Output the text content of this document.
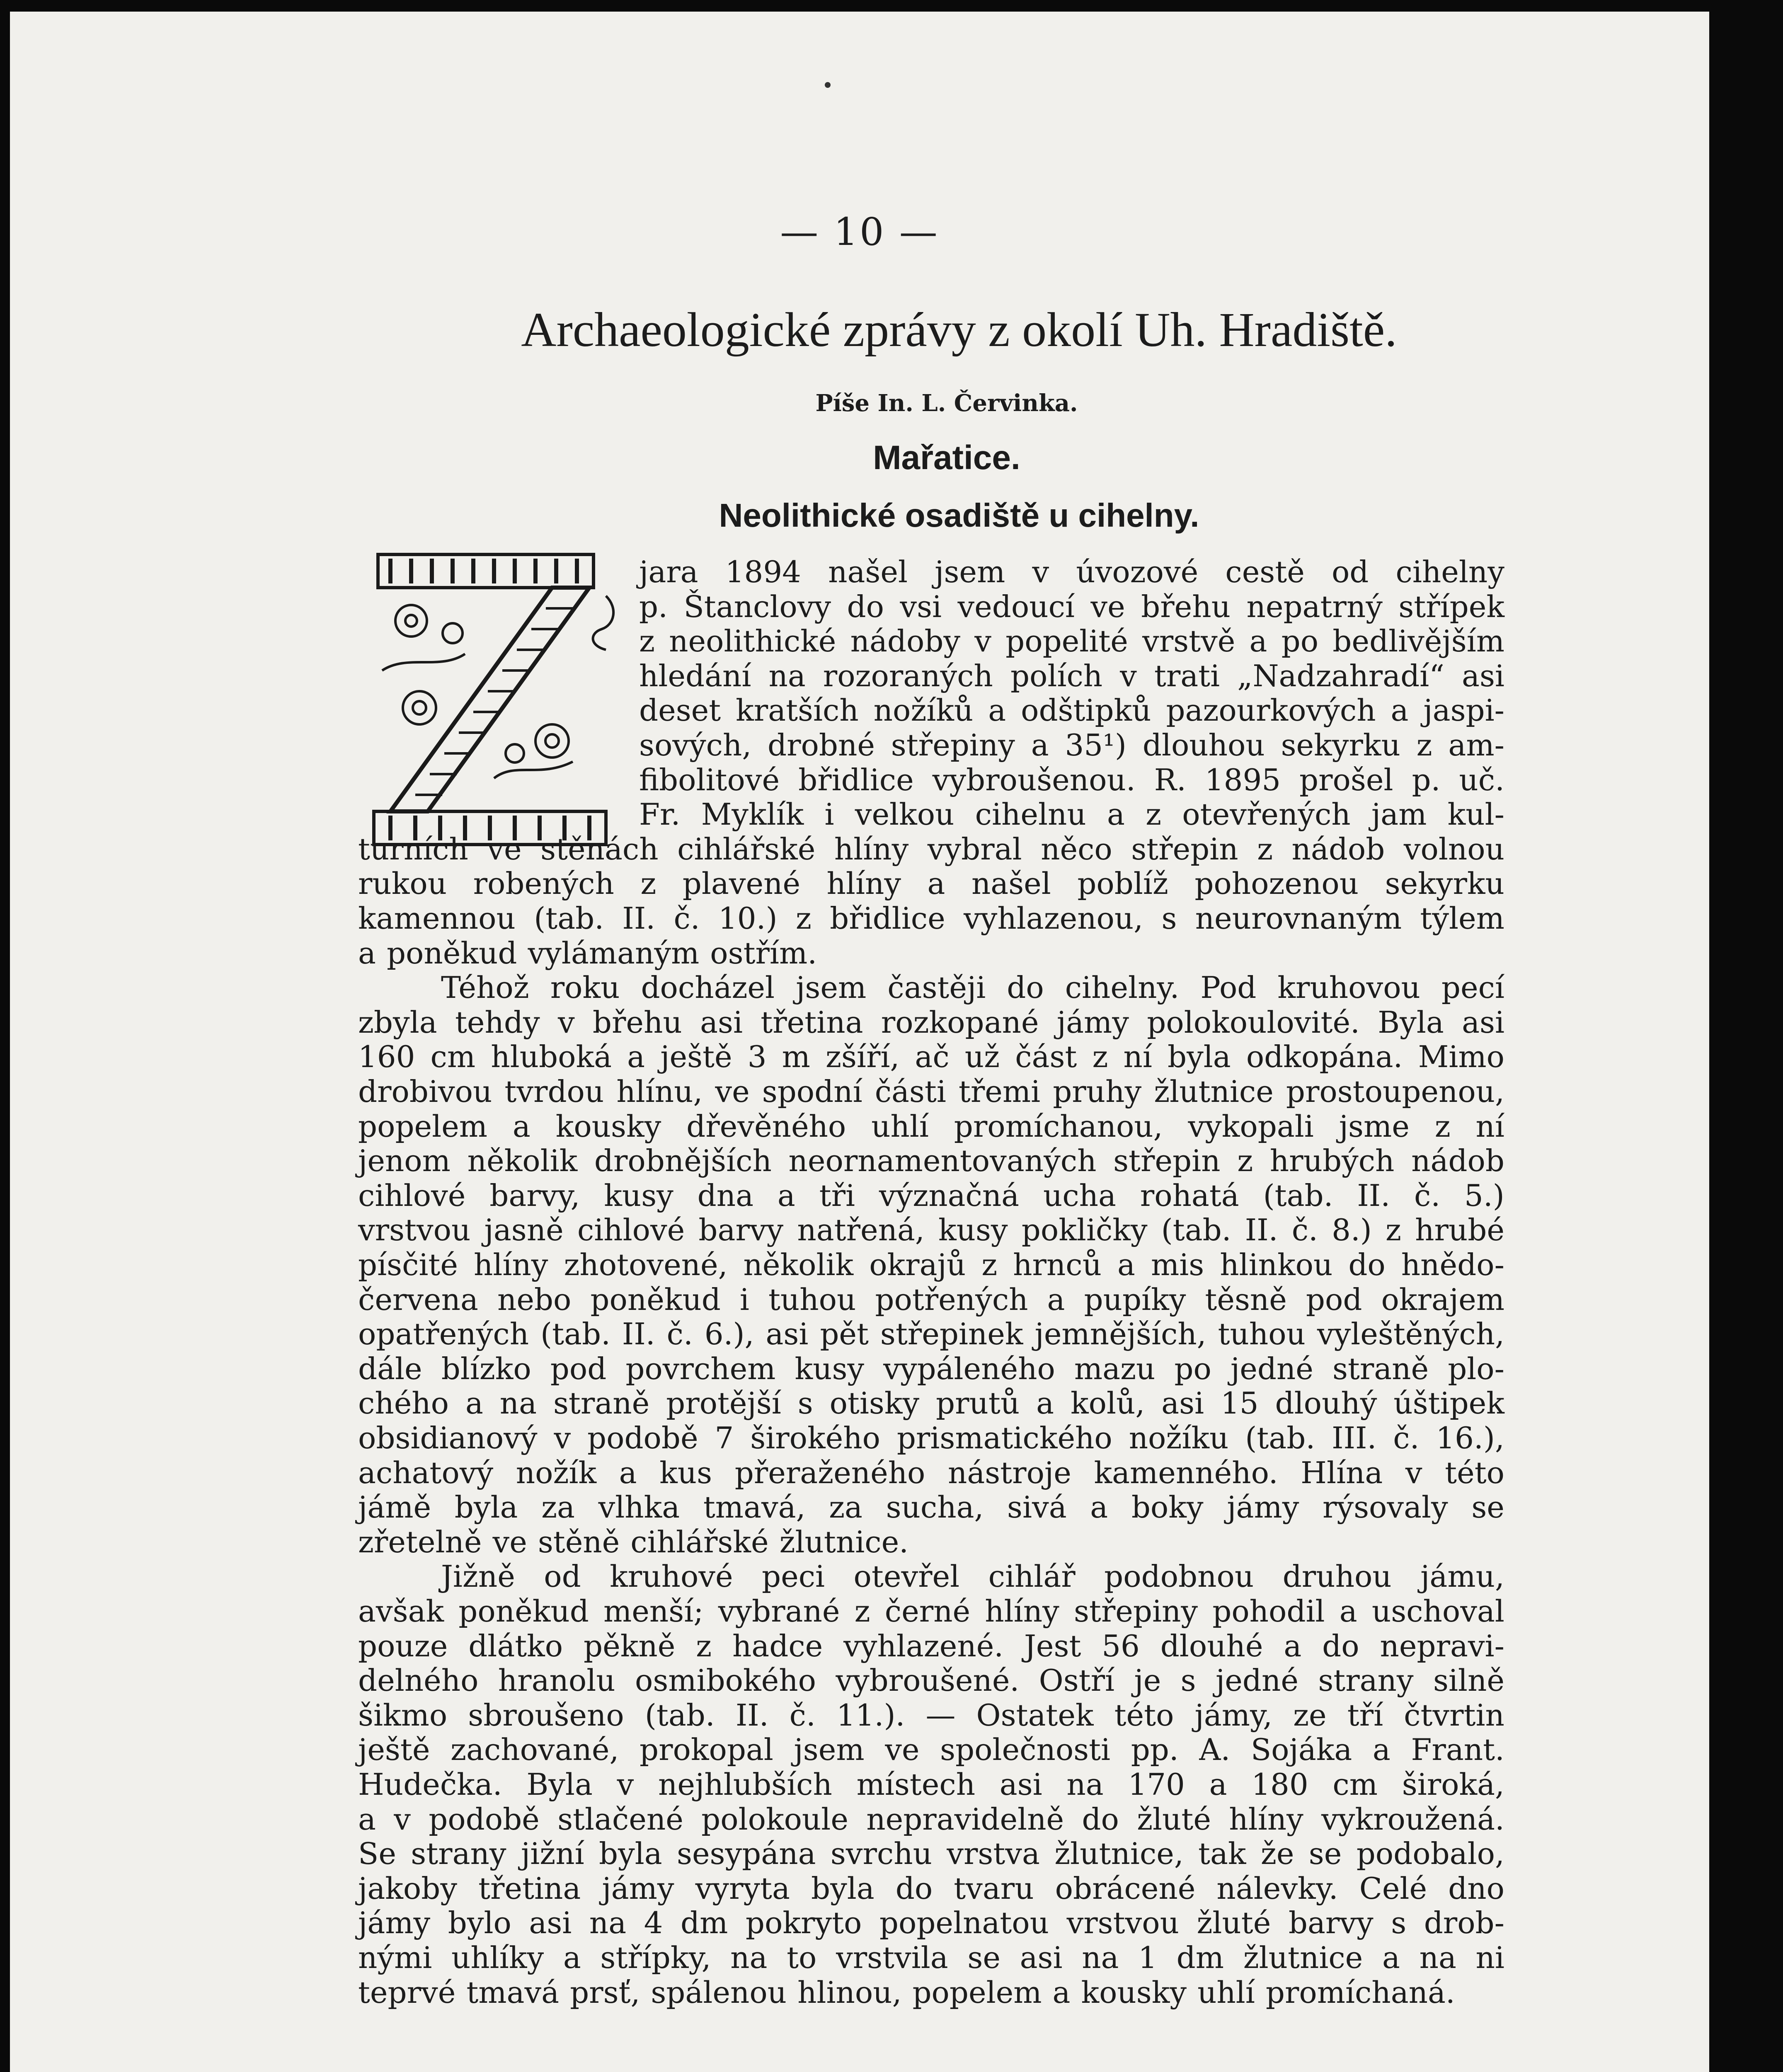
— 10 —
Archaeologické zprávy z okolí Uh. Hradiště.
Píše In. L. Červinka.
Mařatice.
Neolithické osadiště u cihelny.
jara 1894 našel jsem v úvozové cestě od cihelny
p. Štanclovy do vsi vedoucí ve břehu nepatrný střípek
z neolithické nádoby v popelité vrstvě a po bedlivějším
hledání na rozoraných polích v trati „Nadzahradí“ asi
deset kratších nožíků a odštipků pazourkových a jaspi-
sových, drobné střepiny a 35¹) dlouhou sekyrku z am-
fibolitové břidlice vybroušenou. R. 1895 prošel p. uč.
Fr. Myklík i velkou cihelnu a z otevřených jam kul-
turních ve stěnách cihlářské hlíny vybral něco střepin z nádob volnou
rukou robených z plavené hlíny a našel poblíž pohozenou sekyrku
kamennou (tab. II. č. 10.) z břidlice vyhlazenou, s neurovnaným týlem
a poněkud vylámaným ostřím.
Téhož roku docházel jsem častěji do cihelny. Pod kruhovou pecí
zbyla tehdy v břehu asi třetina rozkopané jámy polokoulovité. Byla asi
160 cm hluboká a ještě 3 m zšíří, ač už část z ní byla odkopána. Mimo
drobivou tvrdou hlínu, ve spodní části třemi pruhy žlutnice prostoupenou,
popelem a kousky dřevěného uhlí promíchanou, vykopali jsme z ní
jenom několik drobnějších neornamentovaných střepin z hrubých nádob
cihlové barvy, kusy dna a tři význačná ucha rohatá (tab. II. č. 5.)
vrstvou jasně cihlové barvy natřená, kusy pokličky (tab. II. č. 8.) z hrubé
písčité hlíny zhotovené, několik okrajů z hrnců a mis hlinkou do hnědo-
červena nebo poněkud i tuhou potřených a pupíky těsně pod okrajem
opatřených (tab. II. č. 6.), asi pět střepinek jemnějších, tuhou vyleštěných,
dále blízko pod povrchem kusy vypáleného mazu po jedné straně plo-
chého a na straně protější s otisky prutů a kolů, asi 15 dlouhý úštipek
obsidianový v podobě 7 širokého prismatického nožíku (tab. III. č. 16.),
achatový nožík a kus přeraženého nástroje kamenného. Hlína v této
jámě byla za vlhka tmavá, za sucha, sivá a boky jámy rýsovaly se
zřetelně ve stěně cihlářské žlutnice.
Jižně od kruhové peci otevřel cihlář podobnou druhou jámu,
avšak poněkud menší; vybrané z černé hlíny střepiny pohodil a uschoval
pouze dlátko pěkně z hadce vyhlazené. Jest 56 dlouhé a do nepravi-
delného hranolu osmibokého vybroušené. Ostří je s jedné strany silně
šikmo sbroušeno (tab. II. č. 11.). — Ostatek této jámy, ze tří čtvrtin
ještě zachované, prokopal jsem ve společnosti pp. A. Sojáka a Frant.
Hudečka. Byla v nejhlubších místech asi na 170 a 180 cm široká,
a v podobě stlačené polokoule nepravidelně do žluté hlíny vykroužená.
Se strany jižní byla sesypána svrchu vrstva žlutnice, tak že se podobalo,
jakoby třetina jámy vyryta byla do tvaru obrácené nálevky. Celé dno
jámy bylo asi na 4 dm pokryto popelnatou vrstvou žluté barvy s drob-
nými uhlíky a střípky, na to vrstvila se asi na 1 dm žlutnice a na ni
teprvé tmavá prsť, spálenou hlinou, popelem a kousky uhlí promíchaná.
